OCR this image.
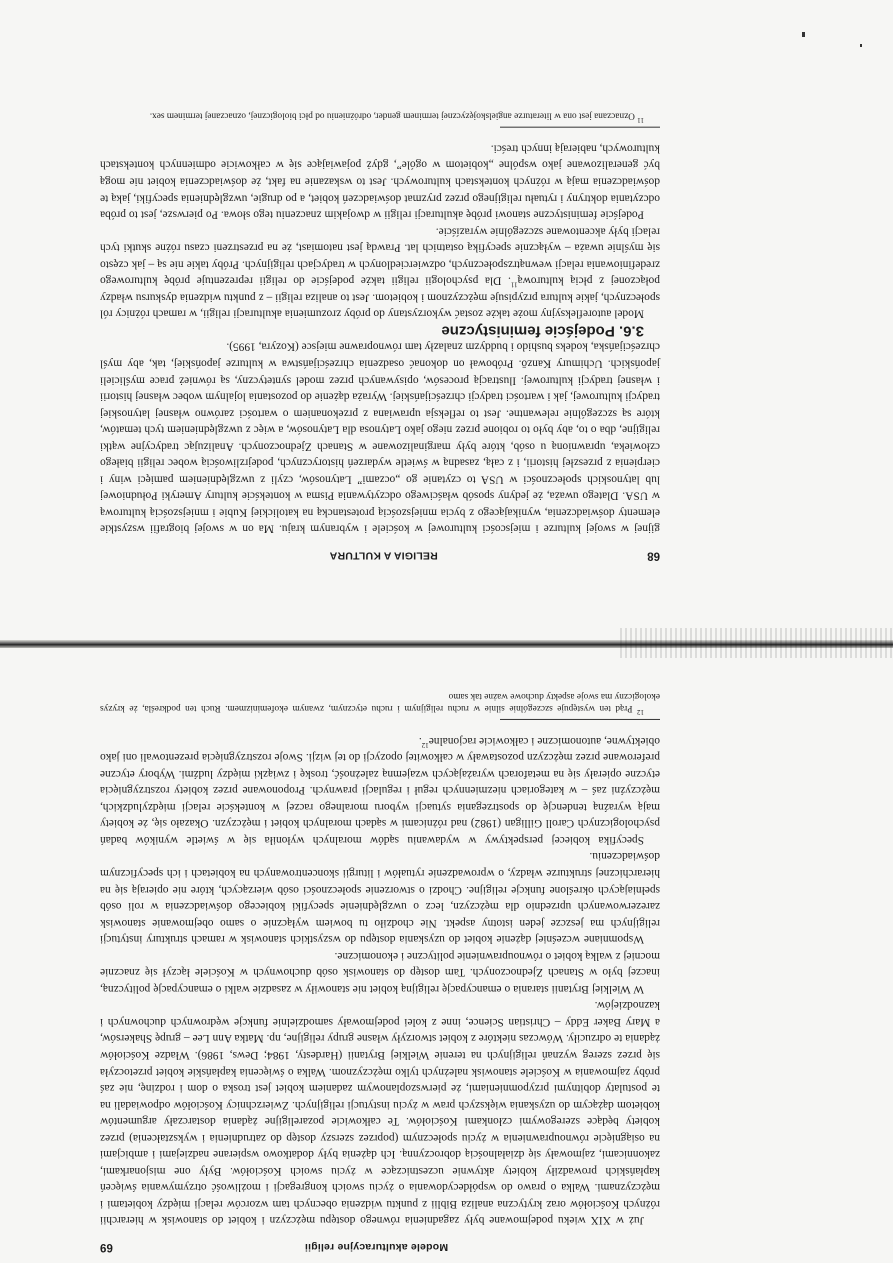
68
RELIGIA A KULTURA

gijnej w swojej kulturze i miejscości kulturowej w kościele i wybranym kraju. Ma on w swojej biografii wszystkie elementy doświadczenia, wynikającego z bycia mniejszością protestancką na katolickiej Kubie i mniejszością kulturową w USA. Dlatego uważa, że jedyny sposób właściwego odczytywania Pisma w kontekście kultury Ameryki Południowej lub latynoskich społeczności w USA to czytanie go „oczami” Latynosów, czyli z uwzględnieniem pamięci winy i cierpienia z przeszłej historii, i z całą, zasadną w świetle wydarzeń historycznych, podejrzliwością wobec religii białego człowieka, uprawnioną u osób, które były marginalizowane w Stanach Zjednoczonych. Analizując tradycyjne wątki religijne, dba o to, aby było to robione przez niego jako Latynosa dla Latynosów, a więc z uwzględnieniem tych tematów, które są szczególnie relewantne. Jest to refleksja uprawiana z przekonaniem o wartości zarówno własnej latynoskiej tradycji kulturowej, jak i wartości tradycji chrześcijańskiej. Wyraża dążenie do pozostania lojalnym wobec własnej historii i własnej tradycji kulturowej. Ilustracją procesów, opisywanych przez model syntetyczny, są również prace myślicieli japońskich. Uchimury Kanzō. Próbował on dokonać osadzenia chrześcijaństwa w kulturze japońskiej, tak, aby myśl chrześcijańska, kodeks bushido i buddyzm znalazły tam równoprawne miejsce (Kozyra, 1995).

3.6. Podejście feministyczne

Model autorefleksyjny może także zostać wykorzystany do próby zrozumienia akulturacji religii, w ramach różnicy ról społecznych, jakie kultura przypisuje mężczyznom i kobietom. Jest to analiza religii – z punktu widzenia dyskursu władzy połączonej z płcią kulturową$^{11}$. Dla psychologii religii także podejście do religii reprezentuje próbę kulturowego zredefiniowania relacji wewnątrzspołecznych, odzwierciedlonych w tradycjach religijnych. Próby takie nie są – jak często się myślnie uważa – wyłącznie specyfiką ostatnich lat. Prawdą jest natomiast, że na przestrzeni czasu różne skutki tych relacji były akcentowane szczególnie wyrazíście.

Podejście feministyczne stanowi próbę akulturacji religii w dwojakim znaczeniu tego słowa. Po pierwsze, jest to próba odczytania doktryny i rytuału religijnego przez pryzmat doświadczeń kobiet, a po drugie, uwzględnienia specyfiki, jaką te doświadczenia mają w różnych kontekstach kulturowych. Jest to wskazanie na fakt, że doświadczenia kobiet nie mogą być generalizowane jako wspólne „kobietom w ogóle”, gdyż pojawiające się w całkowicie odmiennych kontekstach kulturowych, nabierają innych treści.

$^{11}$ Oznaczana jest ona w literaturze angielskojęzycznej terminem gender, odróżnieniu od płci biologicznej, oznaczanej terminem sex.

Modele akulturacyjne religii
69

Już w XIX wieku podejmowane były zagadnienia równego dostępu mężczyzn i kobiet do stanowisk w hierarchii różnych Kościołów oraz krytyczna analiza Biblii z punktu widzenia obecnych tam wzorców relacji między kobietami i mężczyznami. Walka o prawo do współdecydowania o życiu swoich kongregacji i możliwość otrzymywania święceń kapłańskich prowadziły kobiety aktywnie uczestniczące w życiu swoich Kościołów. Były one misjonarkami, zakonnicami, zajmowały się działalnością dobroczynną. Ich dążenia były dodatkowo wspierane nadziejami i ambicjami na osiągnięcie równouprawnienia w życiu społecznym (poprzez szerszy dostęp do zatrudnienia i wykształcenia) przez kobiety będące szeregowymi członkami Kościołów. Te całkowicie pozareligijne żądania dostarczały argumentów kobietom dążącym do uzyskania większych praw w życiu instytucji religijnych. Zwierzchnicy Kościołów odpowiadali na te postulaty dobitnymi przypomnieniami, że pierwszoplanowym zadaniem kobiet jest troska o dom i rodzinę, nie zaś próby zajmowania w Kościele stanowisk należnych tylko mężczyznom. Walka o święcenia kapłańskie kobiet przetoczyła się przez szereg wyznań religijnych na terenie Wielkiej Brytanii (Hardesty, 1984; Dews, 1986). Władze Kościołów żądania te odrzuciły. Wówczas niektóre z kobiet stworzyły własne grupy religijne, np. Matka Ann Lee – grupę Shakersów, a Mary Baker Eddy – Christian Science, inne z kolei podejmowały samodzielnie funkcje wędrownych duchownych i kaznodziejów.

W Wielkiej Brytanii starania o emancypację religijną kobiet nie stanowiły w zasadzie walki o emancypację polityczną, inaczej było w Stanach Zjednoczonych. Tam dostęp do stanowisk osób duchownych w Kościele łączył się znacznie mocniej z walką kobiet o równouprawnienie polityczne i ekonomiczne.

Wspomniane wcześniej dążenie kobiet do uzyskania dostępu do wszystkich stanowisk w ramach struktury instytucji religijnych ma jeszcze jeden istotny aspekt. Nie chodziło tu bowiem wyłącznie o samo obejmowanie stanowisk zarezerwowanych uprzednio dla mężczyzn, lecz o uwzględnienie specyfiki kobiecego doświadczenia w roli osób spełniających określone funkcje religijne. Chodzi o stworzenie społeczności osób wierzących, które nie opierają się na hierarchicznej strukturze władzy, o wprowadzenie rytuałów i liturgii skoncentrowanych na kobietach i ich specyficznym doświadczeniu.

Specyfika kobiecej perspektywy w wydawaniu sądów moralnych wyłoniła się w świetle wyników badań psychologicznych Caroll Gilligan (1982) nad różnicami w sądach moralnych kobiet i mężczyzn. Okazało się, że kobiety mają wyraźną tendencję do spostrzegania sytuacji wyboru moralnego raczej w kontekście relacji międzyludzkich, mężczyźni zaś – w kategoriach niezmiennych reguł i regulacji prawnych. Proponowane przez kobiety rozstrzygnięcia etyczne opierały się na metaforach wyrażających wzajemną zależność, troskę i związki między ludźmi. Wybory etyczne preferowane przez mężczyzn pozostawały w całkowitej opozycji do tej wizji. Swoje rozstrzygnięcia prezentowali oni jako obiektywne, autonomiczne i całkowicie racjonalne$^{12}$.

$^{12}$ Prąd ten występuje szczególnie silnie w ruchu religijnym i ruchu etycznym, zwanym ekofeminizmem. Ruch ten podkreśla, że kryzys ekologiczny ma swoje aspekty duchowe ważne tak samo
